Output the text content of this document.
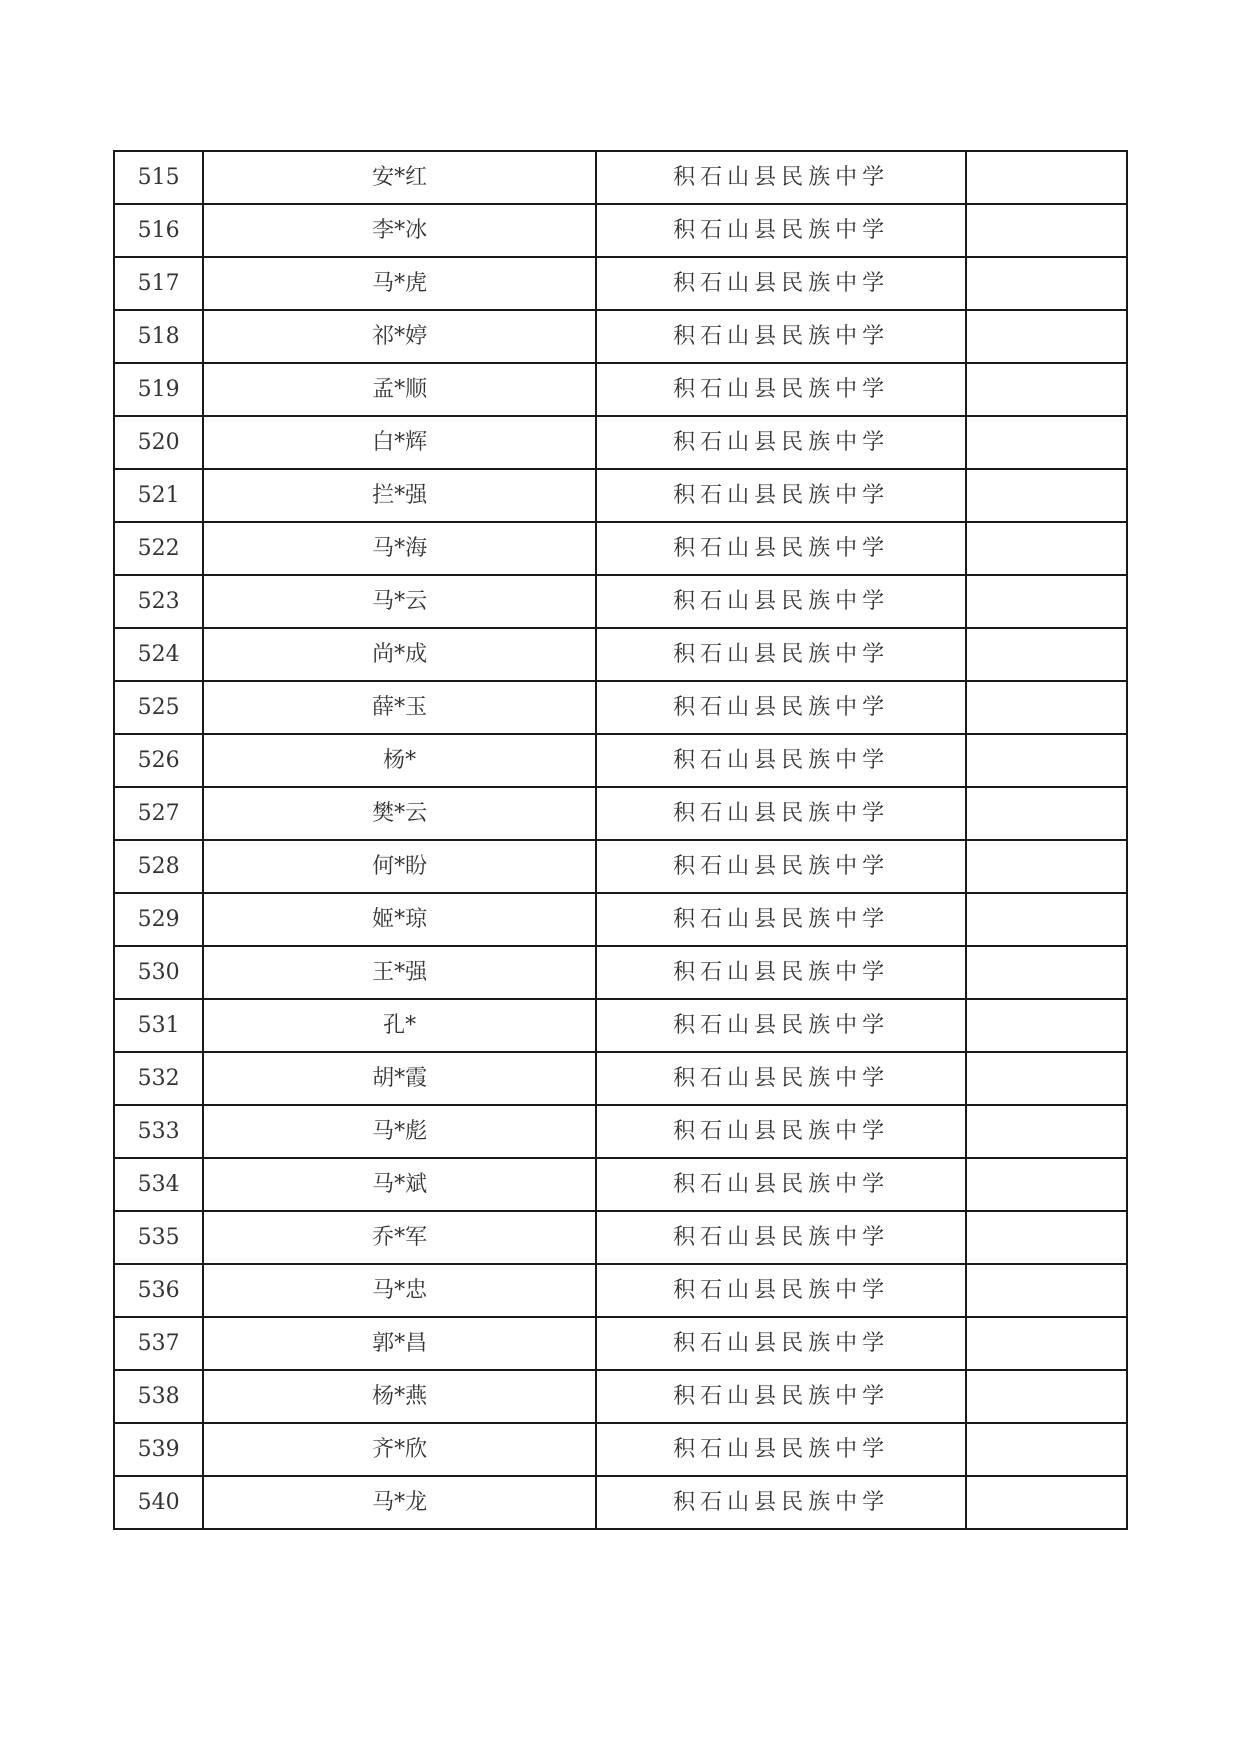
515	安*红	积石山县民族中学	
516	李*冰	积石山县民族中学	
517	马*虎	积石山县民族中学	
518	祁*婷	积石山县民族中学	
519	孟*顺	积石山县民族中学	
520	白*辉	积石山县民族中学	
521	拦*强	积石山县民族中学	
522	马*海	积石山县民族中学	
523	马*云	积石山县民族中学	
524	尚*成	积石山县民族中学	
525	薛*玉	积石山县民族中学	
526	杨*	积石山县民族中学	
527	樊*云	积石山县民族中学	
528	何*盼	积石山县民族中学	
529	姬*琼	积石山县民族中学	
530	王*强	积石山县民族中学	
531	孔*	积石山县民族中学	
532	胡*霞	积石山县民族中学	
533	马*彪	积石山县民族中学	
534	马*斌	积石山县民族中学	
535	乔*军	积石山县民族中学	
536	马*忠	积石山县民族中学	
537	郭*昌	积石山县民族中学	
538	杨*燕	积石山县民族中学	
539	齐*欣	积石山县民族中学	
540	马*龙	积石山县民族中学	
